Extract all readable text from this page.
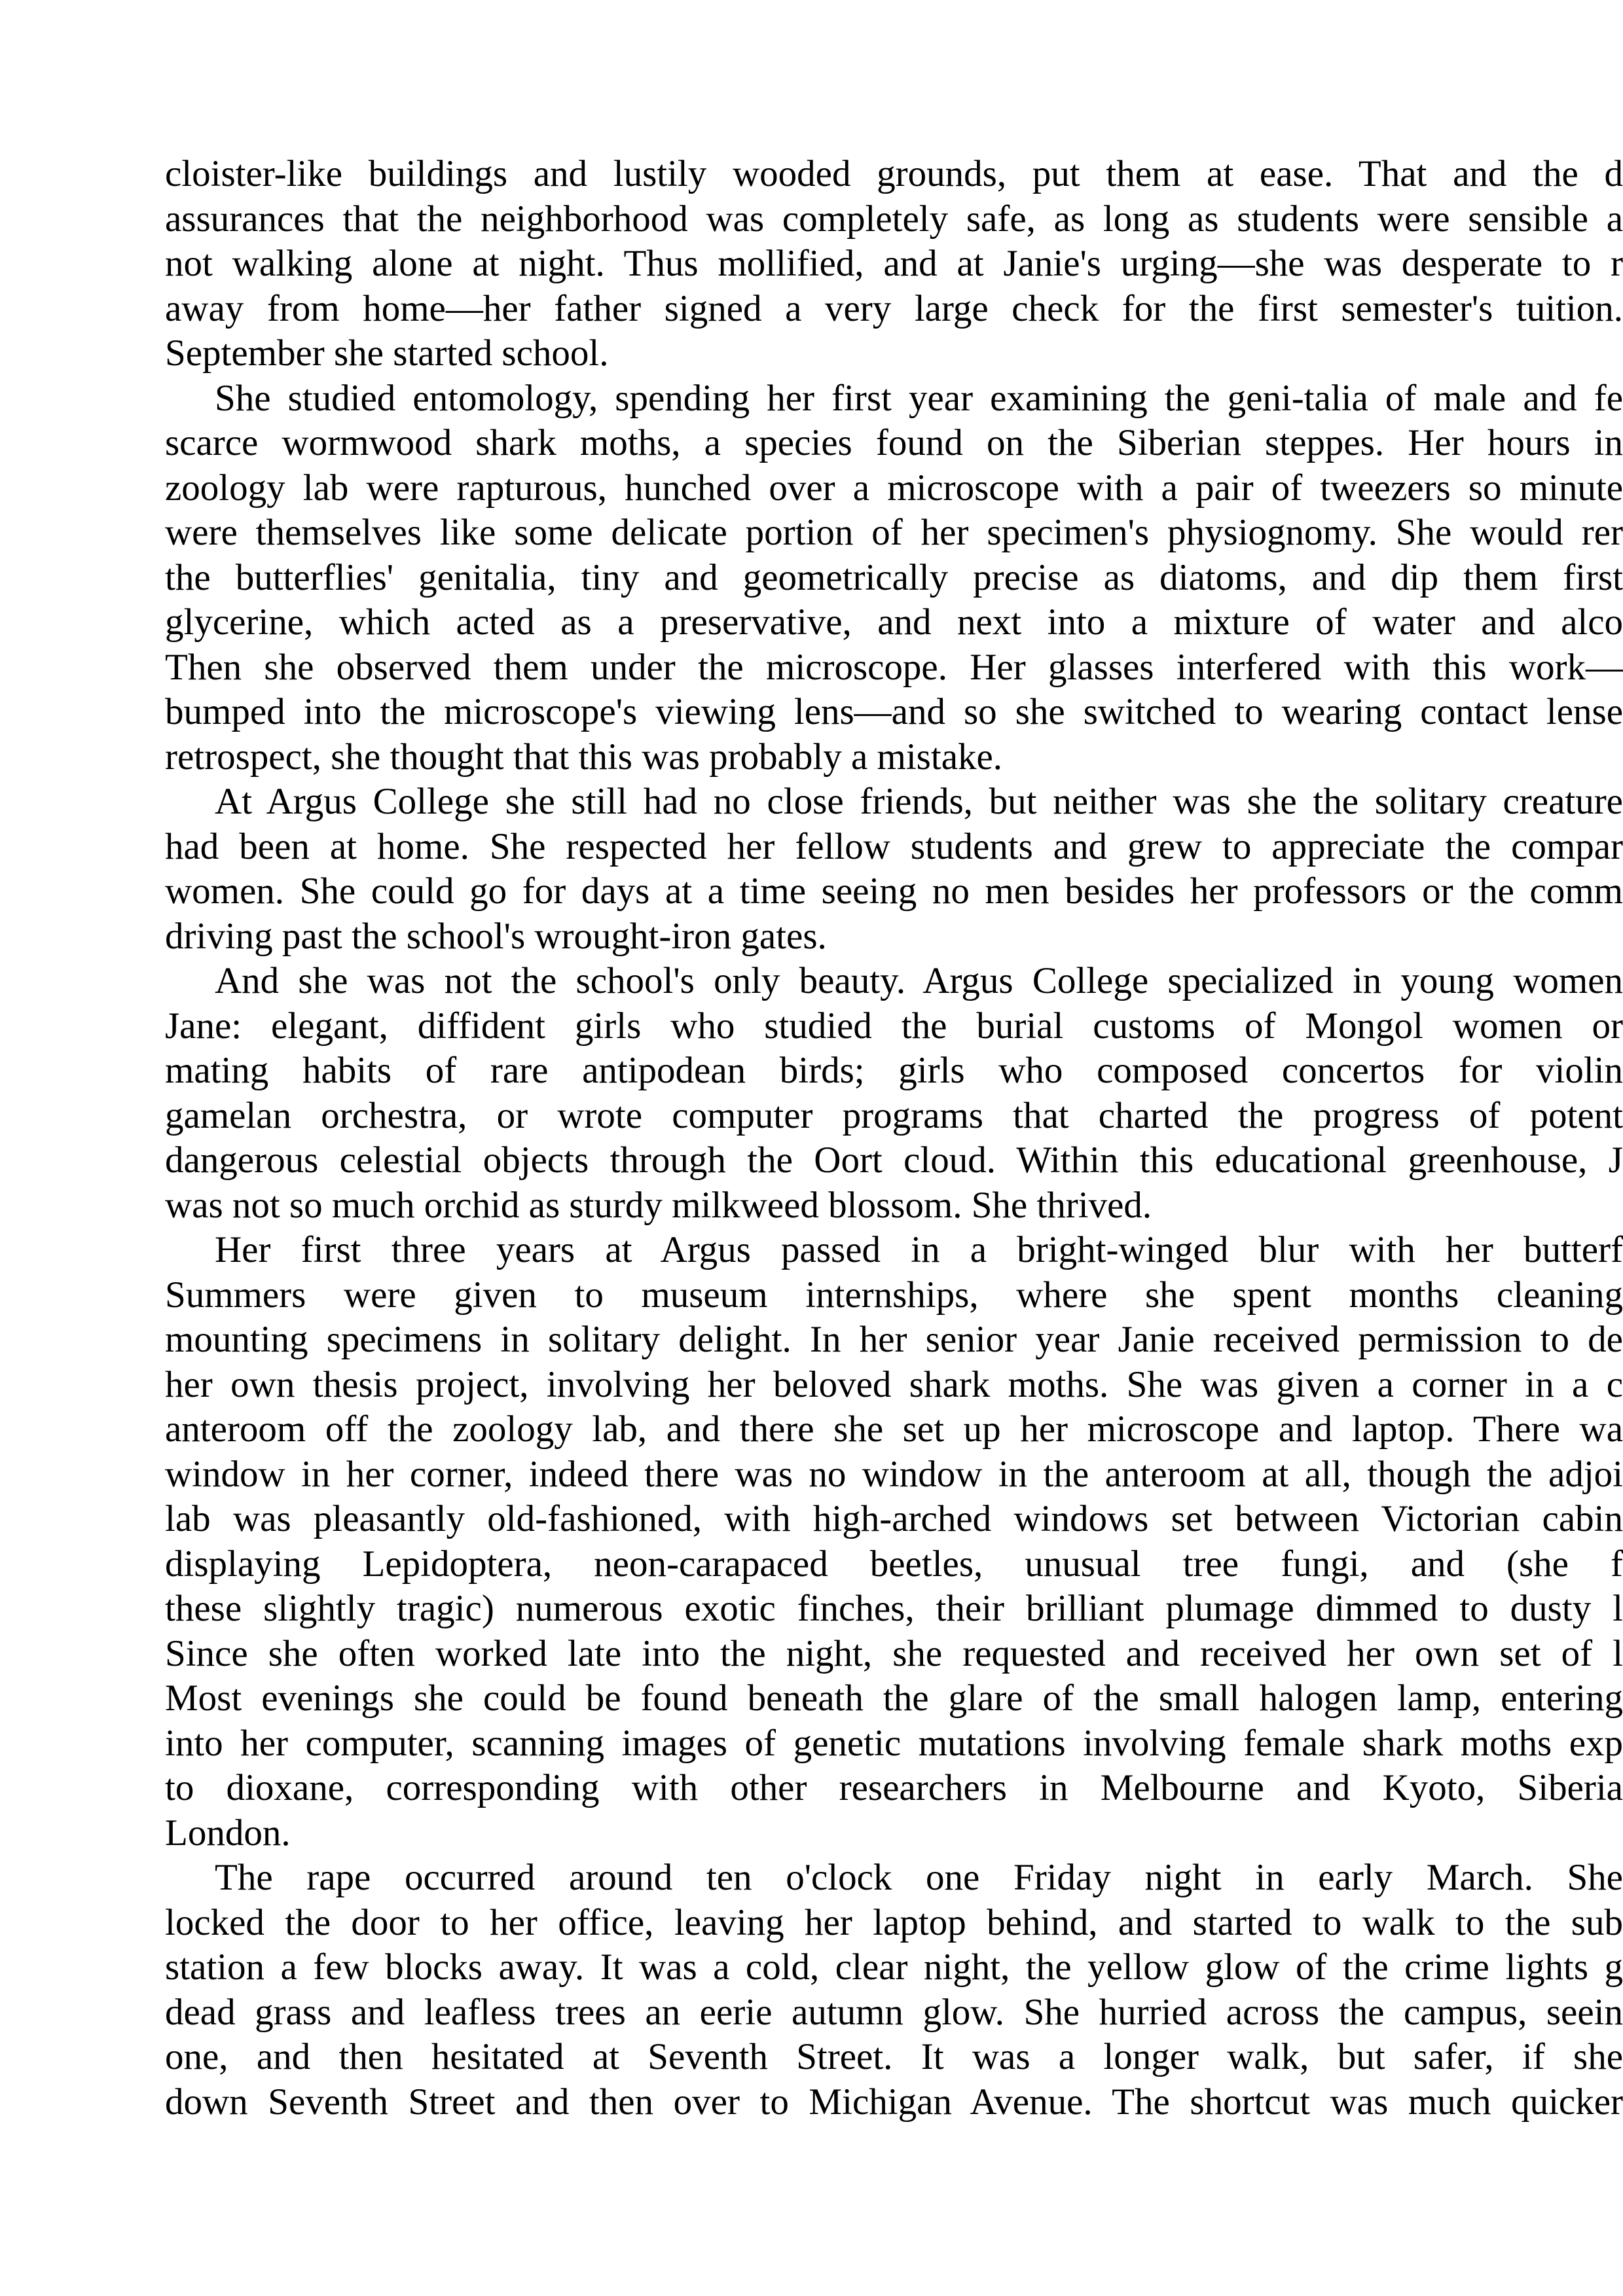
cloister-like buildings and lustily wooded grounds, put them at ease. That and the d
assurances that the neighborhood was completely safe, as long as students were sensible a
not walking alone at night. Thus mollified, and at Janie's urging—she was desperate to r
away from home—her father signed a very large check for the first semester's tuition.
September she started school.
She studied entomology, spending her first year examining the geni-talia of male and fe
scarce wormwood shark moths, a species found on the Siberian steppes. Her hours in
zoology lab were rapturous, hunched over a microscope with a pair of tweezers so minute
were themselves like some delicate portion of her specimen's physiognomy. She would rer
the butterflies' genitalia, tiny and geometrically precise as diatoms, and dip them first
glycerine, which acted as a preservative, and next into a mixture of water and alco
Then she observed them under the microscope. Her glasses interfered with this work—
bumped into the microscope's viewing lens—and so she switched to wearing contact lense
retrospect, she thought that this was probably a mistake.
At Argus College she still had no close friends, but neither was she the solitary creature
had been at home. She respected her fellow students and grew to appreciate the compar
women. She could go for days at a time seeing no men besides her professors or the comm
driving past the school's wrought-iron gates.
And she was not the school's only beauty. Argus College specialized in young women
Jane: elegant, diffident girls who studied the burial customs of Mongol women or
mating habits of rare antipodean birds; girls who composed concertos for violin
gamelan orchestra, or wrote computer programs that charted the progress of potent
dangerous celestial objects through the Oort cloud. Within this educational greenhouse, J
was not so much orchid as sturdy milkweed blossom. She thrived.
Her first three years at Argus passed in a bright-winged blur with her butterf
Summers were given to museum internships, where she spent months cleaning
mounting specimens in solitary delight. In her senior year Janie received permission to de
her own thesis project, involving her beloved shark moths. She was given a corner in a c
anteroom off the zoology lab, and there she set up her microscope and laptop. There wa
window in her corner, indeed there was no window in the anteroom at all, though the adjoi
lab was pleasantly old-fashioned, with high-arched windows set between Victorian cabin
displaying Lepidoptera, neon-carapaced beetles, unusual tree fungi, and (she f
these slightly tragic) numerous exotic finches, their brilliant plumage dimmed to dusty l
Since she often worked late into the night, she requested and received her own set of l
Most evenings she could be found beneath the glare of the small halogen lamp, entering
into her computer, scanning images of genetic mutations involving female shark moths exp
to dioxane, corresponding with other researchers in Melbourne and Kyoto, Siberia
London.
The rape occurred around ten o'clock one Friday night in early March. She
locked the door to her office, leaving her laptop behind, and started to walk to the sub
station a few blocks away. It was a cold, clear night, the yellow glow of the crime lights g
dead grass and leafless trees an eerie autumn glow. She hurried across the campus, seein
one, and then hesitated at Seventh Street. It was a longer walk, but safer, if she
down Seventh Street and then over to Michigan Avenue. The shortcut was much quicker
